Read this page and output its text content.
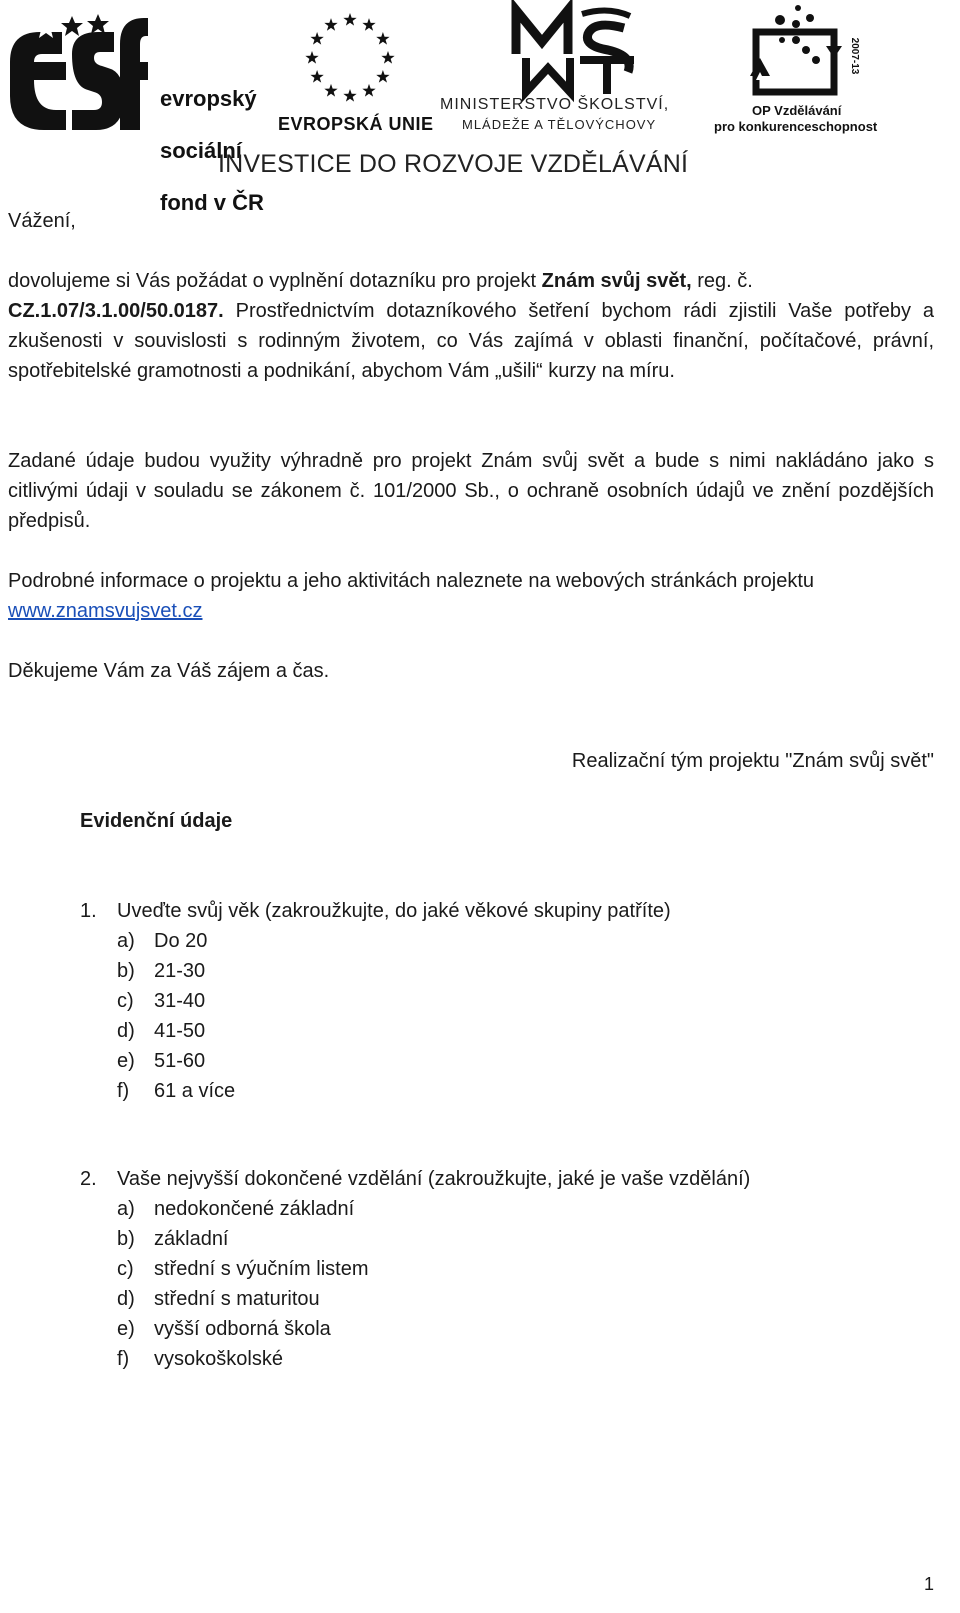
evropský

sociální

fond v ČR

EVROPSKÁ UNIE
MINISTERSTVO ŠKOLSTVÍ,
MLÁDEŽE A TĚLOVÝCHOVY
2007-13
OP Vzdělávání
pro konkurenceschopnost
INVESTICE DO ROZVOJE VZDĚLÁVÁNÍ
Vážení,
dovolujeme si Vás požádat o vyplnění dotazníku pro projekt Znám svůj svět, reg. č.
CZ.1.07/3.1.00/50.0187. Prostřednictvím dotazníkového šetření bychom rádi zjistili Vaše potřeby a zkušenosti v souvislosti s rodinným životem, co Vás zajímá v oblasti finanční, počítačové, právní, spotřebitelské gramotnosti a podnikání, abychom Vám „ušili“ kurzy na míru.
Zadané údaje budou využity výhradně pro projekt Znám svůj svět a bude s nimi nakládáno jako s citlivými údaji v souladu se zákonem č. 101/2000 Sb., o ochraně osobních údajů ve znění pozdějších předpisů.
Podrobné informace o projektu a jeho aktivitách naleznete na webových stránkách projektu
www.znamsvujsvet.cz
Děkujeme Vám za Váš zájem a čas.
Realizační tým projektu "Znám svůj svět"
Evidenční údaje
1. Uveďte svůj věk (zakroužkujte, do jaké věkové skupiny patříte)
a) Do 20
b) 21-30
c) 31-40
d) 41-50
e) 51-60
f) 61 a více
2. Vaše nejvyšší dokončené vzdělání (zakroužkujte, jaké je vaše vzdělání)
a) nedokončené základní
b) základní
c) střední s výučním listem
d) střední s maturitou
e) vyšší odborná škola
f) vysokoškolské
1
